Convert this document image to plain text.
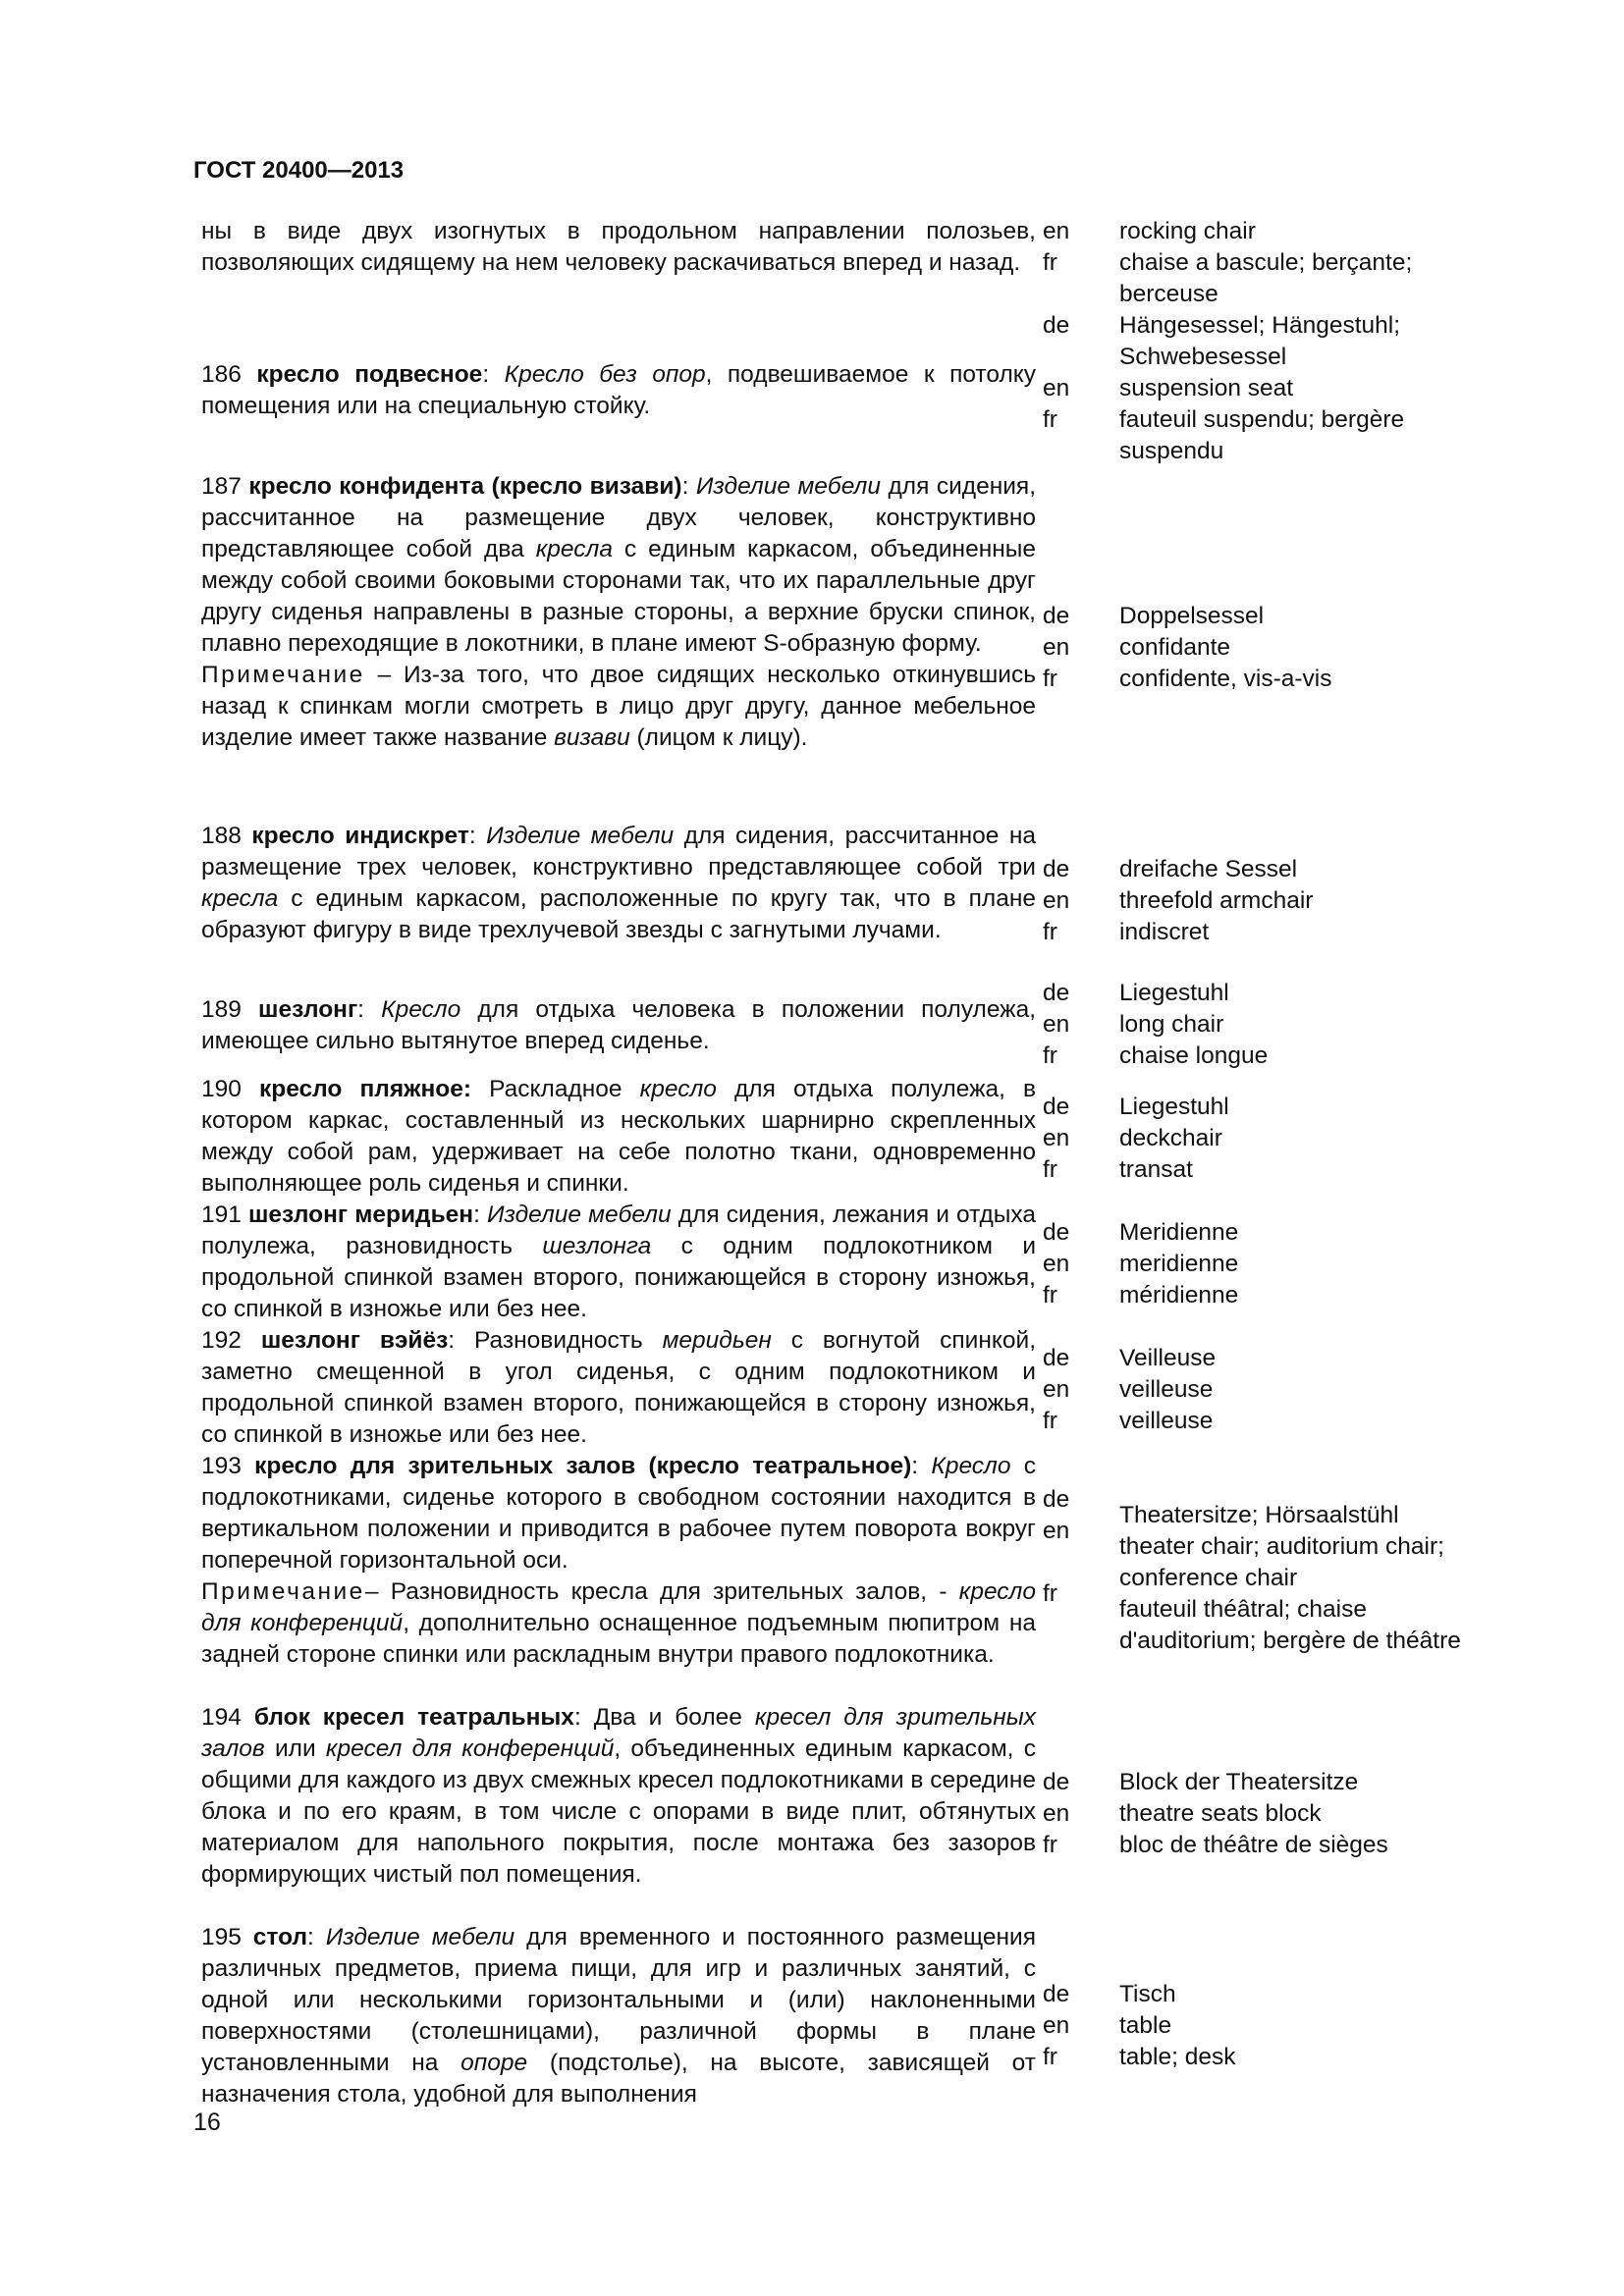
ГОСТ 20400—2013
ны в виде двух изогнутых в продольном направлении полозьев, позволяющих сидящему на нем человеку раскачиваться вперед и назад.
en
fr

de

rocking chair
chaise a bascule; berçante;
berceuse
Hängesessel; Hängestuhl;
Schwebesessel
186 кресло подвесное: Кресло без опор, подвешиваемое к потолку помещения или на специальную стойку.
en
fr

suspension seat
fauteuil suspendu; bergère
suspendu
187 кресло конфидента (кресло визави): Изделие мебели для сидения, рассчитанное на размещение двух человек, конструктивно представляющее собой два кресла с единым каркасом, объединенные между собой своими боковыми сторонами так, что их параллельные друг другу сиденья направлены в разные стороны, а верхние бруски спинок, плавно переходящие в локотники, в плане имеют S-образную форму.
Примечание – Из-за того, что двое сидящих несколько откинувшись назад к спинкам могли смотреть в лицо друг другу, данное мебельное изделие имеет также название визави (лицом к лицу).
de
en
fr
Doppelsessel
confidante
confidente, vis-a-vis
188 кресло индискрет: Изделие мебели для сидения, рассчитанное на размещение трех человек, конструктивно представляющее собой три кресла с единым каркасом, расположенные по кругу так, что в плане образуют фигуру в виде трехлучевой звезды с загнутыми лучами.
de
en
fr
dreifache Sessel
threefold armchair
indiscret
189 шезлонг: Кресло для отдыха человека в положении полулежа, имеющее сильно вытянутое вперед сиденье.
de
en
fr
Liegestuhl
long chair
chaise longue
190 кресло пляжное: Раскладное кресло для отдыха полулежа, в котором каркас, составленный из нескольких шарнирно скрепленных между собой рам, удерживает на себе полотно ткани, одновременно выполняющее роль сиденья и спинки.
de
en
fr
Liegestuhl
deckchair
transat
191 шезлонг меридьен: Изделие мебели для сидения, лежания и отдыха полулежа, разновидность шезлонга с одним подлокотником и продольной спинкой взамен второго, понижающейся в сторону изножья, со спинкой в изножье или без нее.
de
en
fr
Meridienne
meridienne
méridienne
192 шезлонг вэйёз: Разновидность меридьен с вогнутой спинкой, заметно смещенной в угол сиденья, с одним подлокотником и продольной спинкой взамен второго, понижающейся в сторону изножья, со спинкой в изножье или без нее.
de
en
fr
Veilleuse
veilleuse
veilleuse
193 кресло для зрительных залов (кресло театральное): Кресло с подлокотниками, сиденье которого в свободном состоянии находится в вертикальном положении и приводится в рабочее путем поворота вокруг поперечной горизонтальной оси.
Примечание– Разновидность кресла для зрительных залов, - кресло для конференций, дополнительно оснащенное подъемным пюпитром на задней стороне спинки или раскладным внутри правого подлокотника.
de
en

fr

Theatersitze; Hörsaalstühl
theater chair; auditorium chair;
conference chair
fauteuil théâtral; chaise
d'auditorium; bergère de théâtre
194 блок кресел театральных: Два и более кресел для зрительных залов или кресел для конференций, объединенных единым каркасом, с общими для каждого из двух смежных кресел подлокотниками в середине блока и по его краям, в том числе с опорами в виде плит, обтянутых материалом для напольного покрытия, после монтажа без зазоров формирующих чистый пол помещения.
de
en
fr
Block der Theatersitze
theatre seats block
bloc de théâtre de sièges
195 стол: Изделие мебели для временного и постоянного размещения различных предметов, приема пищи, для игр и различных занятий, с одной или несколькими горизонтальными и (или) наклоненными поверхностями (столешницами), различной формы в плане установленными на опоре (подстолье), на высоте, зависящей от назначения стола, удобной для выполнения
de
en
fr
Tisch
table
table; desk
16
